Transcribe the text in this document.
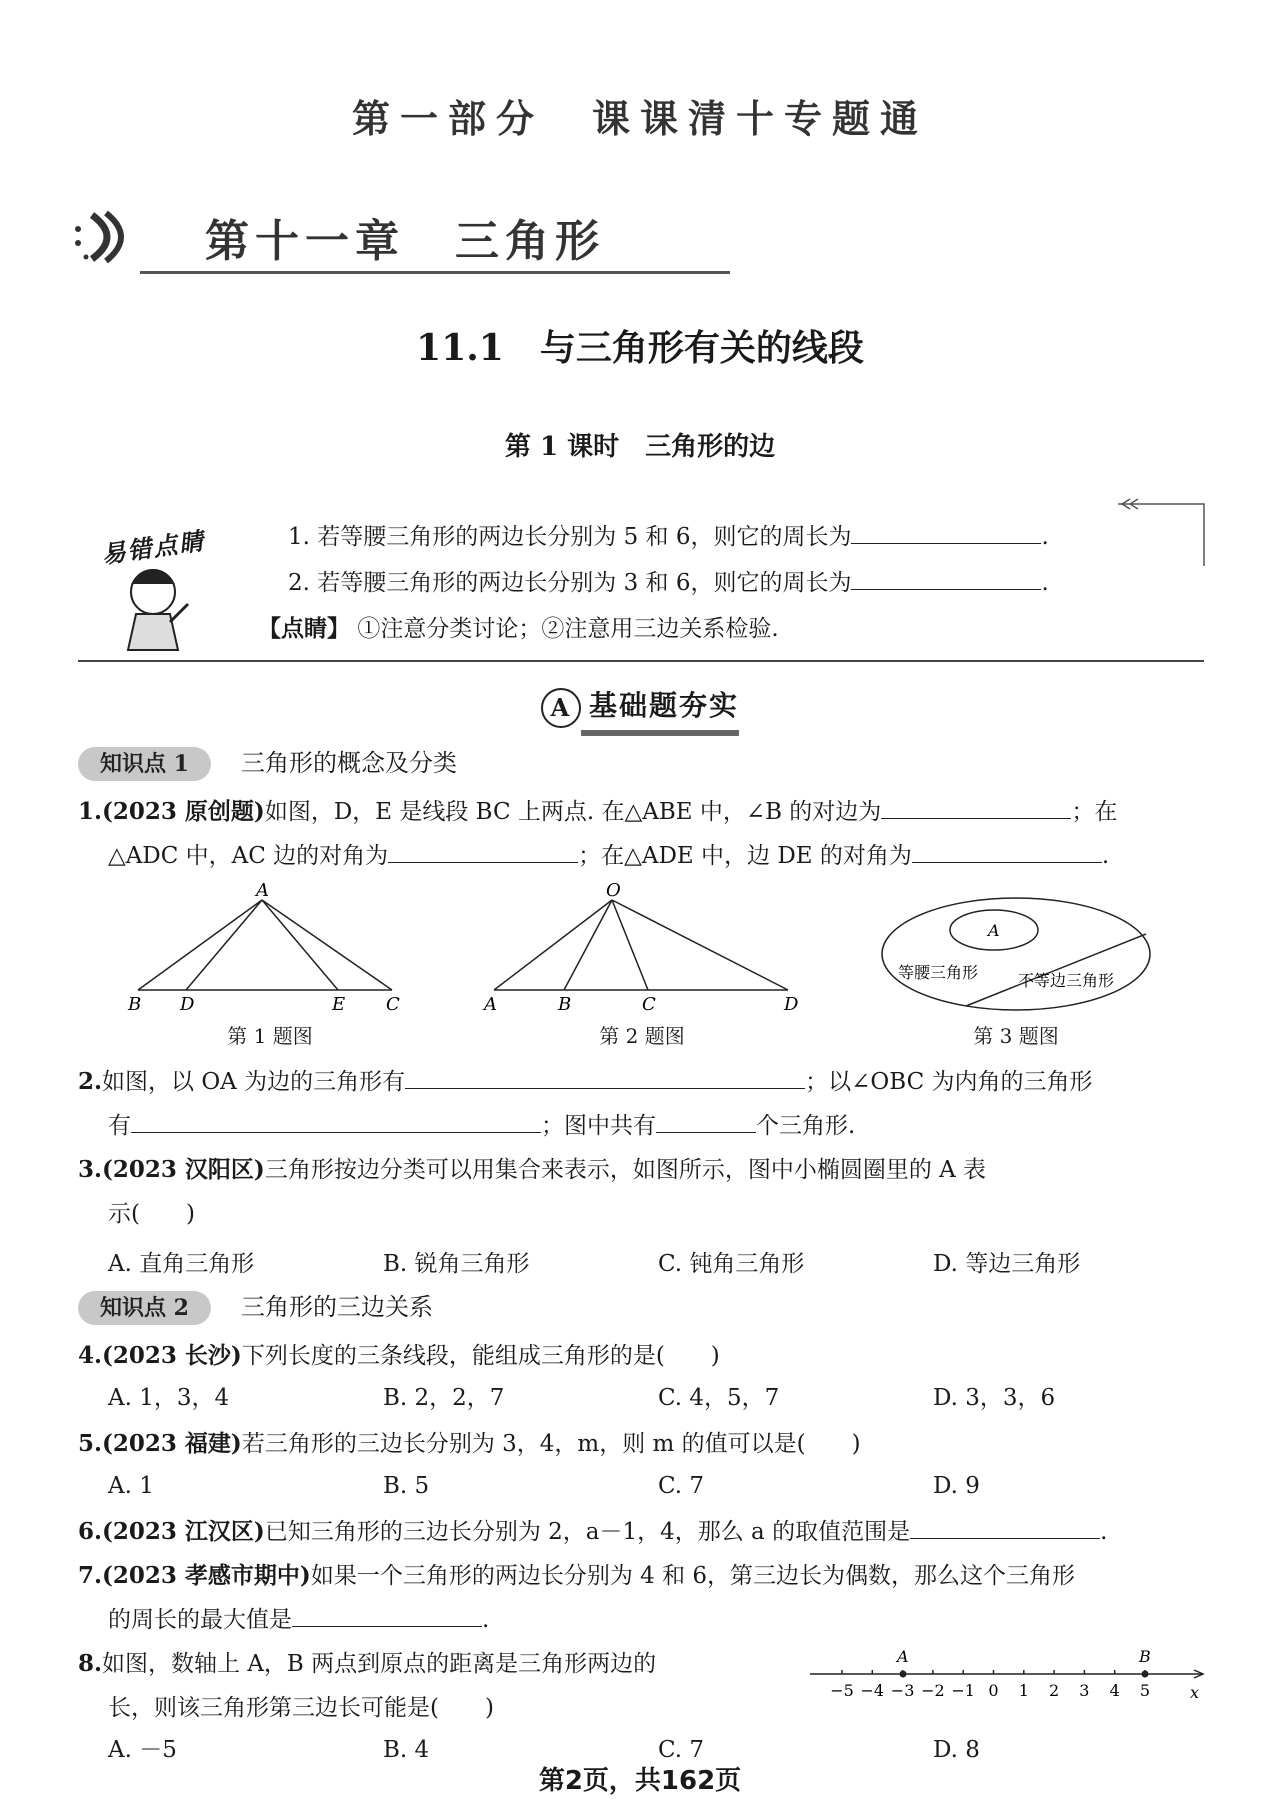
第一部分　课课清十专题通
第十一章　三角形
11.1　与三角形有关的线段
第 1 课时　三角形的边
易错点睛	1. 若等腰三角形的两边长分别为 5 和 6，则它的周长为	.
2. 若等腰三角形的两边长分别为 3 和 6，则它的周长为	.
【点睛】 ①注意分类讨论；②注意用三边关系检验.
A 基础题夯实
知识点 1 三角形的概念及分类
1.(2023 原创题)如图，D，E 是线段 BC 上两点. 在△ABE 中，∠B 的对边为	；在
△ADC 中，AC 边的对角为	；在△ADE 中，边 DE 的对角为	.
A
B D	E C
第 1 题图
O
A	B	C	D
第 2 题图
A
等腰三角形 不等边三角形
第 3 题图
2.如图，以 OA 为边的三角形有	；以∠OBC 为内角的三角形
有	；图中共有	个三角形.
3.(2023 汉阳区)三角形按边分类可以用集合来表示，如图所示，图中小椭圆圈里的 A 表
示(　　)
A. 直角三角形	B. 锐角三角形	C. 钝角三角形	D. 等边三角形
知识点 2 三角形的三边关系
4.(2023 长沙)下列长度的三条线段，能组成三角形的是(　　)
A. 1，3，4	B. 2，2，7	C. 4，5，7	D. 3，3，6
5.(2023 福建)若三角形的三边长分别为 3，4，m，则 m 的值可以是(　　)
A. 1	B. 5	C. 7	D. 9
6.(2023 江汉区)已知三角形的三边长分别为 2，a－1，4，那么 a 的取值范围是	.
7.(2023 孝感市期中)如果一个三角形的两边长分别为 4 和 6，第三边长为偶数，那么这个三角形
的周长的最大值是	.
8.如图，数轴上 A，B 两点到原点的距离是三角形两边的
长，则该三角形第三边长可能是(　　)
−5 −4 −3 −2 −1 0 1 2 3 4 5
A	B
x
A. －5	B. 4	C. 7	D. 8
第2页，共162页
